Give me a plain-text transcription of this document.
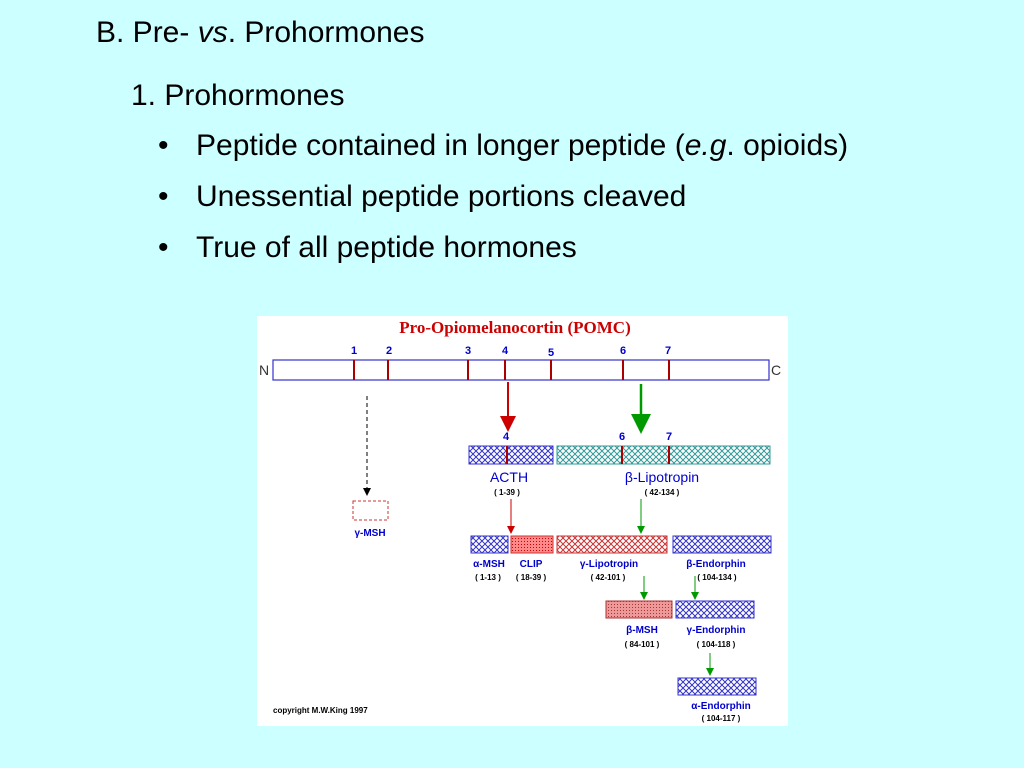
B. Pre- vs. Prohormones
1. Prohormones
• Peptide contained in longer peptide (e.g. opioids)
• Unessential peptide portions cleaved
• True of all peptide hormones
Pro-Opiomelanocortin (POMC)
N	C
1	2	3	4	5	6	7
4	6	7
ACTH
( 1-39 )
β-Lipotropin
( 42-134 )
γ-MSH
α-MSH
( 1-13 )
CLIP
( 18-39 )
γ-Lipotropin
( 42-101 )
β-Endorphin
( 104-134 )
β-MSH
( 84-101 )
γ-Endorphin
( 104-118 )
α-Endorphin
( 104-117 )
copyright M.W.King 1997
